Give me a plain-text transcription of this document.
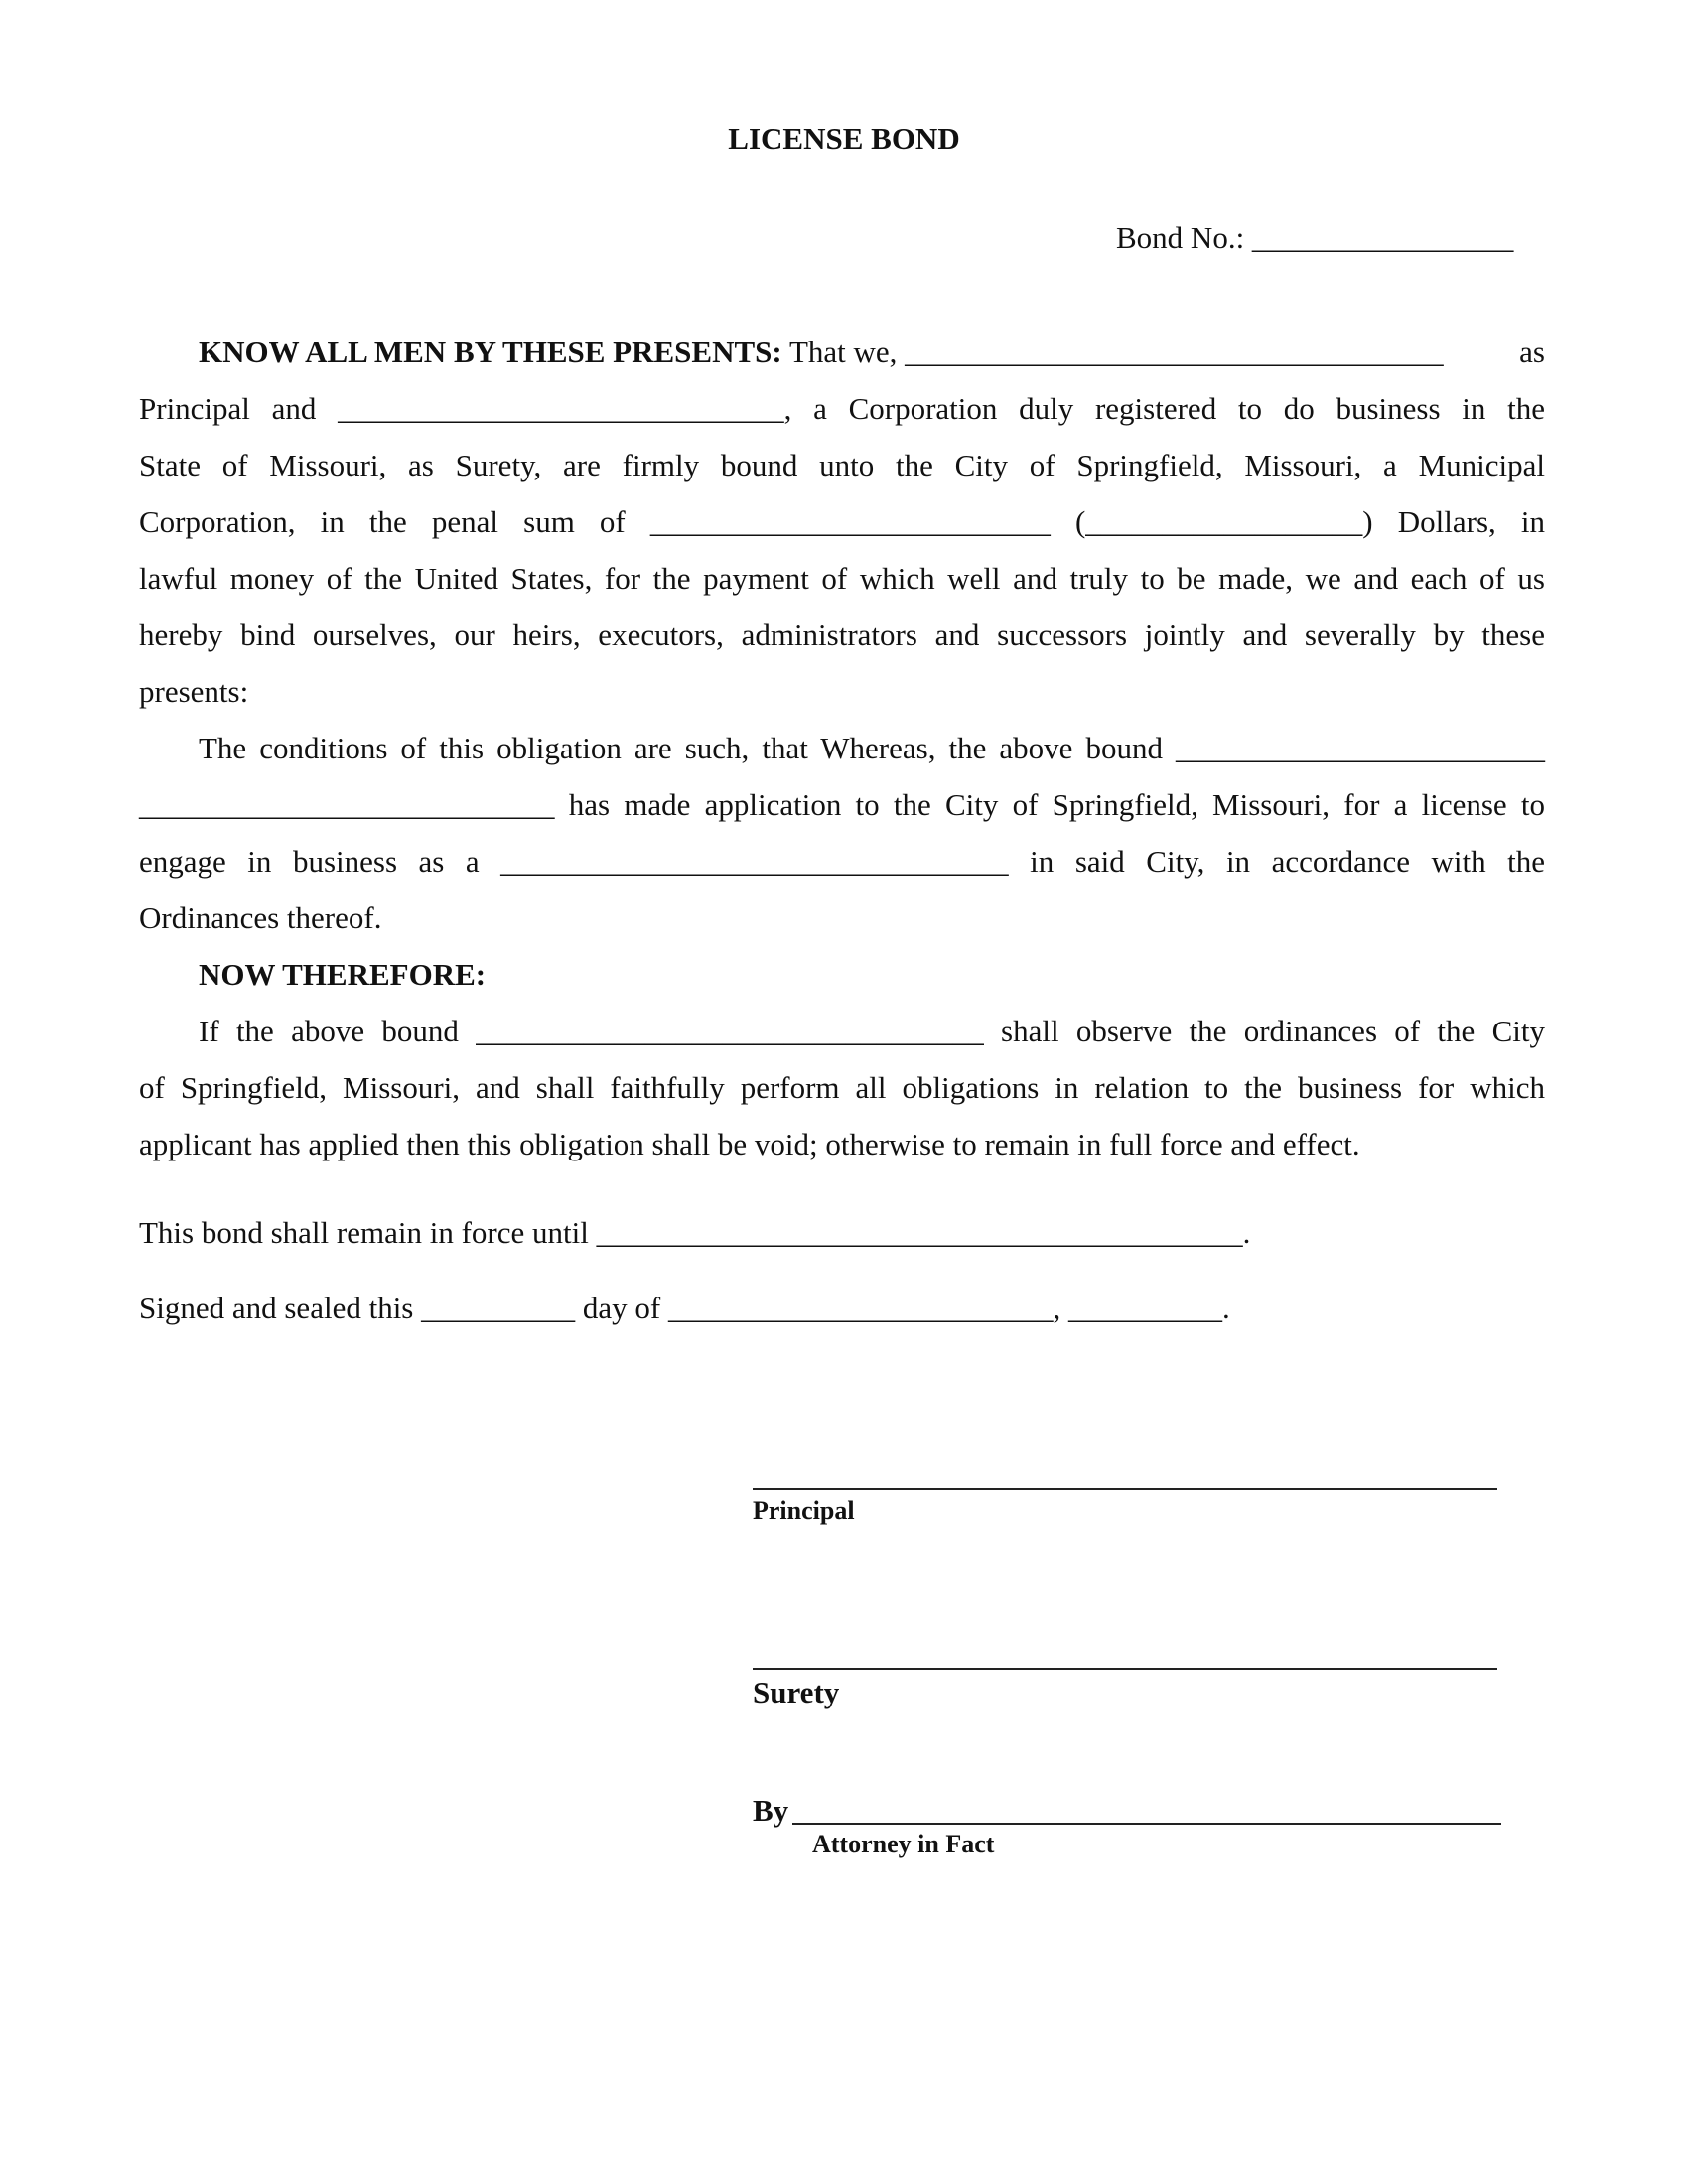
LICENSE BOND
Bond No.: _________________
KNOW ALL MEN BY THESE PRESENTS: That we, ___________________________________ as
Principal and _____________________________, a Corporation duly registered to do business in the
State of Missouri, as Surety, are firmly bound unto the City of Springfield, Missouri, a Municipal
Corporation, in the penal sum of __________________________ (__________________) Dollars, in
lawful money of the United States, for the payment of which well and truly to be made, we and each of us
hereby bind ourselves, our heirs, executors, administrators and successors jointly and severally by these
presents:
The conditions of this obligation are such, that Whereas, the above bound ________________________
___________________________ has made application to the City of Springfield, Missouri, for a license to
engage in business as a _________________________________ in said City, in accordance with the
Ordinances thereof.
NOW THEREFORE:
If the above bound _________________________________ shall observe the ordinances of the City
of Springfield, Missouri, and shall faithfully perform all obligations in relation to the business for which
applicant has applied then this obligation shall be void; otherwise to remain in full force and effect.
This bond shall remain in force until __________________________________________.
Signed and sealed this __________ day of _________________________, __________.
Principal
Surety
By
Attorney in Fact
